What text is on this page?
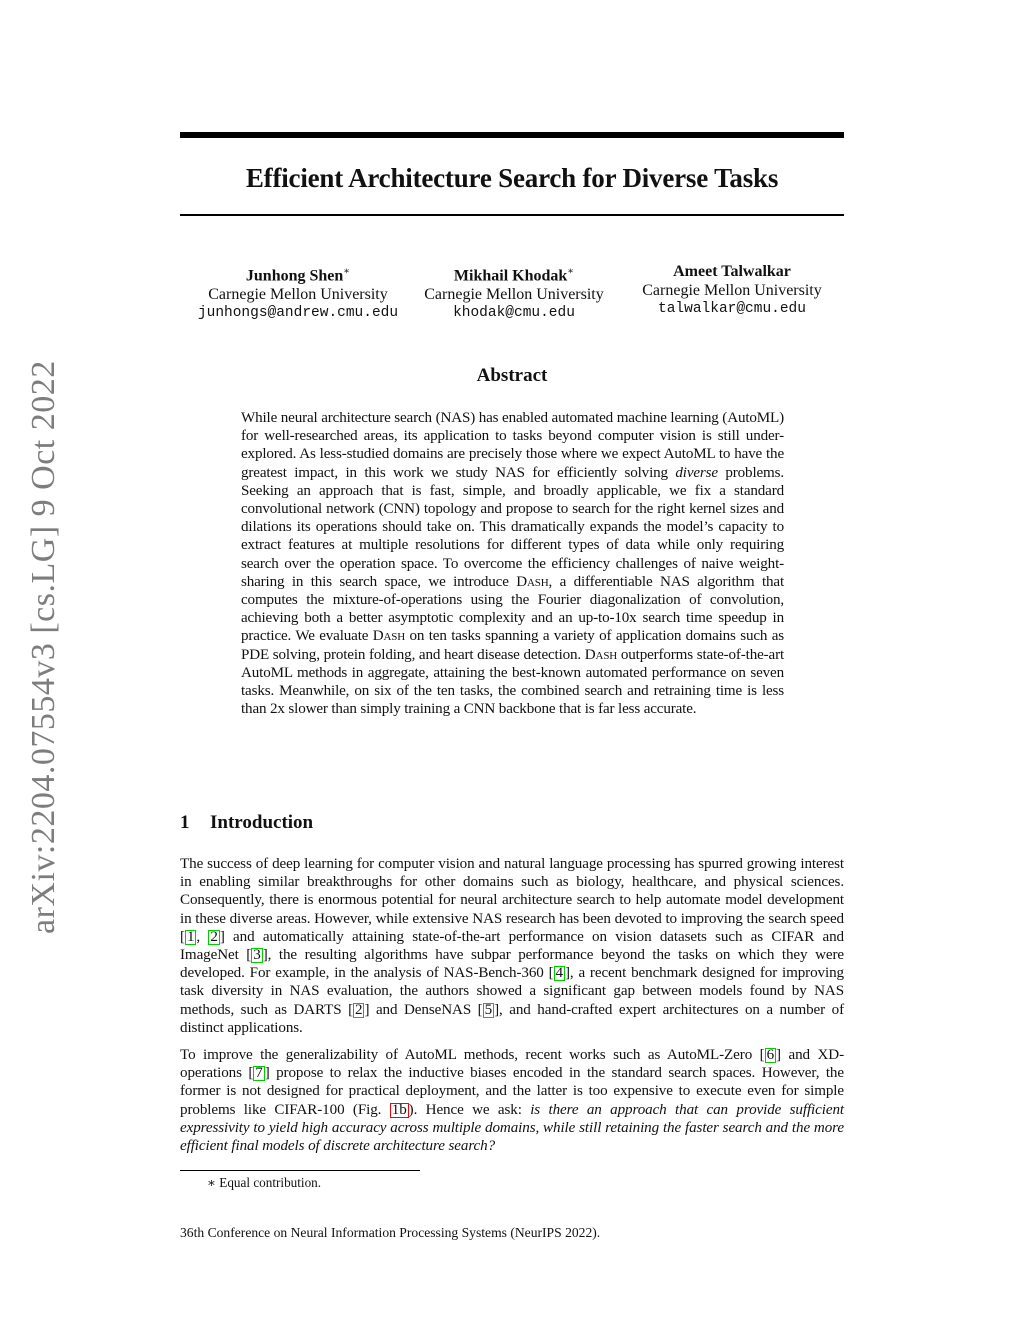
arXiv:2204.07554v3 [cs.LG] 9 Oct 2022
Efficient Architecture Search for Diverse Tasks
Junhong Shen∗
Carnegie Mellon University
junhongs@andrew.cmu.edu
Mikhail Khodak∗
Carnegie Mellon University
khodak@cmu.edu
Ameet Talwalkar
Carnegie Mellon University
talwalkar@cmu.edu
Abstract
While neural architecture search (NAS) has enabled automated machine learning (AutoML) for well-researched areas, its application to tasks beyond computer vision is still under-explored. As less-studied domains are precisely those where we expect AutoML to have the greatest impact, in this work we study NAS for efficiently solving diverse problems. Seeking an approach that is fast, simple, and broadly applicable, we fix a standard convolutional network (CNN) topology and propose to search for the right kernel sizes and dilations its operations should take on. This dramatically expands the model’s capacity to extract features at multiple resolutions for different types of data while only requiring search over the operation space. To overcome the efficiency challenges of naive weight-sharing in this search space, we introduce Dash, a differentiable NAS algorithm that computes the mixture-of-operations using the Fourier diagonalization of convolution, achieving both a better asymptotic complexity and an up-to-10x search time speedup in practice. We evaluate Dash on ten tasks spanning a variety of application domains such as PDE solving, protein folding, and heart disease detection. Dash outperforms state-of-the-art AutoML methods in aggregate, attaining the best-known automated performance on seven tasks. Meanwhile, on six of the ten tasks, the combined search and retraining time is less than 2x slower than simply training a CNN backbone that is far less accurate.
1 Introduction
The success of deep learning for computer vision and natural language processing has spurred growing interest in enabling similar breakthroughs for other domains such as biology, healthcare, and physical sciences. Consequently, there is enormous potential for neural architecture search to help automate model development in these diverse areas. However, while extensive NAS research has been devoted to improving the search speed [ 1 , 2 ] and automatically attaining state-of-the-art performance on vision datasets such as CIFAR and ImageNet [ 3 ], the resulting algorithms have subpar performance beyond the tasks on which they were developed. For example, in the analysis of NAS-Bench-360 [ 4 ], a recent benchmark designed for improving task diversity in NAS evaluation, the authors showed a significant gap between models found by NAS methods, such as DARTS [ 2 ] and DenseNAS [ 5 ], and hand-crafted expert architectures on a number of distinct applications.
To improve the generalizability of AutoML methods, recent works such as AutoML-Zero [ 6 ] and XD-operations [ 7 ] propose to relax the inductive biases encoded in the standard search spaces. However, the former is not designed for practical deployment, and the latter is too expensive to execute even for simple problems like CIFAR-100 (Fig. 1b ). Hence we ask: is there an approach that can provide sufficient expressivity to yield high accuracy across multiple domains, while still retaining the faster search and the more efficient final models of discrete architecture search?
∗ Equal contribution.
36th Conference on Neural Information Processing Systems (NeurIPS 2022).
